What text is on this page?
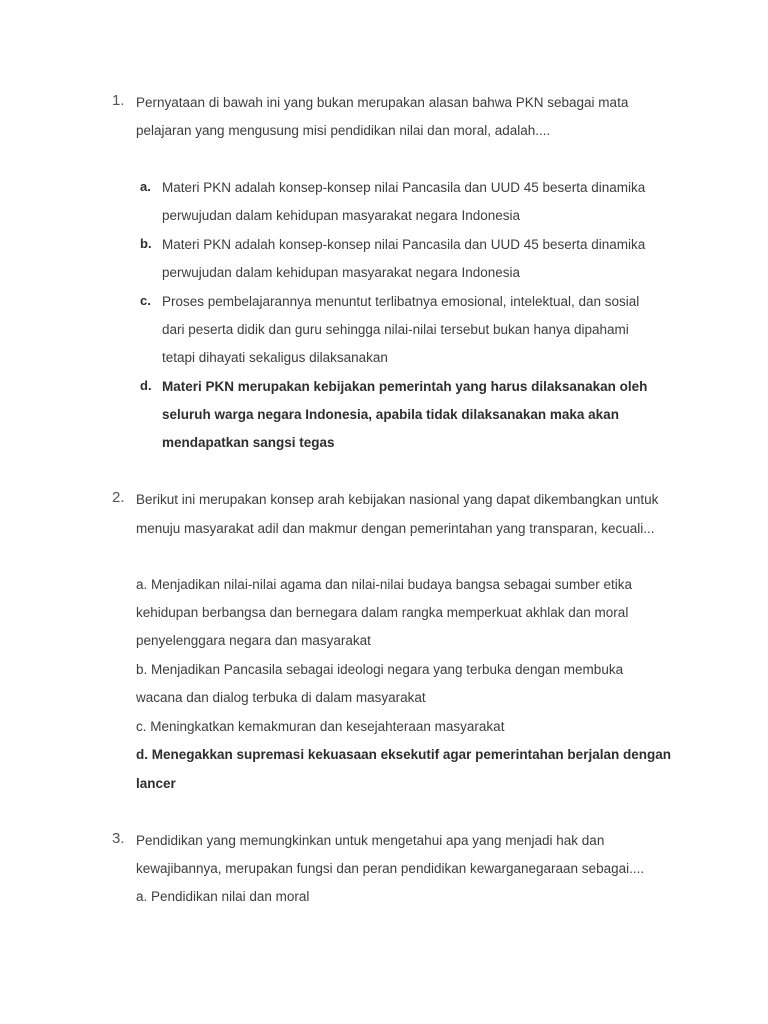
1. Pernyataan di bawah ini yang bukan merupakan alasan bahwa PKN sebagai mata
pelajaran yang mengusung misi pendidikan nilai dan moral, adalah....
a. Materi PKN adalah konsep-konsep nilai Pancasila dan UUD 45 beserta dinamika
perwujudan dalam kehidupan masyarakat negara Indonesia
b. Materi PKN adalah konsep-konsep nilai Pancasila dan UUD 45 beserta dinamika
perwujudan dalam kehidupan masyarakat negara Indonesia
c. Proses pembelajarannya menuntut terlibatnya emosional, intelektual, dan sosial
dari peserta didik dan guru sehingga nilai-nilai tersebut bukan hanya dipahami
tetapi dihayati sekaligus dilaksanakan
d. Materi PKN merupakan kebijakan pemerintah yang harus dilaksanakan oleh
seluruh warga negara Indonesia, apabila tidak dilaksanakan maka akan
mendapatkan sangsi tegas
2. Berikut ini merupakan konsep arah kebijakan nasional yang dapat dikembangkan untuk
menuju masyarakat adil dan makmur dengan pemerintahan yang transparan, kecuali...
a. Menjadikan nilai-nilai agama dan nilai-nilai budaya bangsa sebagai sumber etika
kehidupan berbangsa dan bernegara dalam rangka memperkuat akhlak dan moral
penyelenggara negara dan masyarakat
b. Menjadikan Pancasila sebagai ideologi negara yang terbuka dengan membuka
wacana dan dialog terbuka di dalam masyarakat
c. Meningkatkan kemakmuran dan kesejahteraan masyarakat
d. Menegakkan supremasi kekuasaan eksekutif agar pemerintahan berjalan dengan
lancer
3. Pendidikan yang memungkinkan untuk mengetahui apa yang menjadi hak dan
kewajibannya, merupakan fungsi dan peran pendidikan kewarganegaraan sebagai....
a. Pendidikan nilai dan moral
